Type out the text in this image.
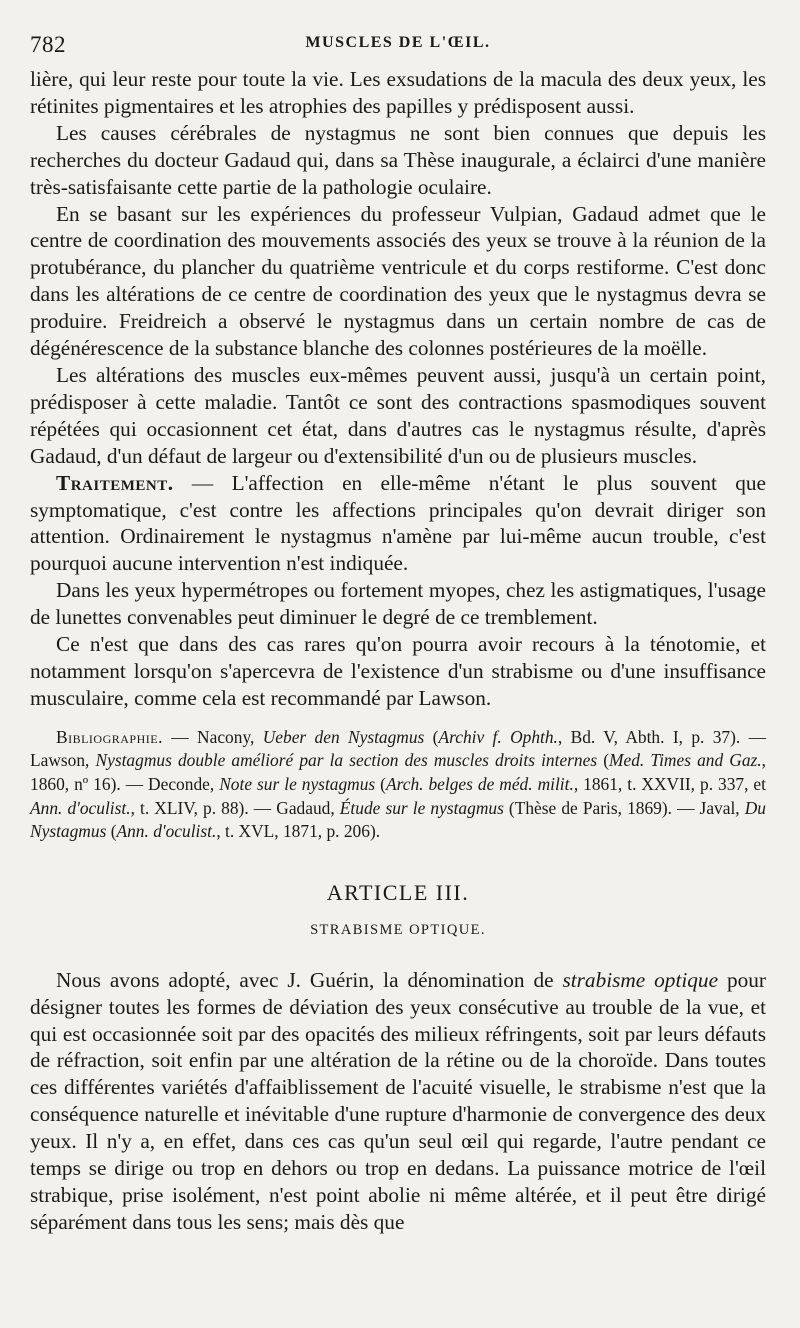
782	MUSCLES DE L'ŒIL.

lière, qui leur reste pour toute la vie. Les exsudations de la macula des deux yeux, les rétinites pigmentaires et les atrophies des papilles y prédisposent aussi.

Les causes cérébrales de nystagmus ne sont bien connues que depuis les recherches du docteur Gadaud qui, dans sa Thèse inaugurale, a éclairci d'une manière très-satisfaisante cette partie de la pathologie oculaire.

En se basant sur les expériences du professeur Vulpian, Gadaud admet que le centre de coordination des mouvements associés des yeux se trouve à la réunion de la protubérance, du plancher du quatrième ventricule et du corps restiforme. C'est donc dans les altérations de ce centre de coordination des yeux que le nystagmus devra se produire. Freidreich a observé le nystagmus dans un certain nombre de cas de dégénérescence de la substance blanche des colonnes postérieures de la moëlle.

Les altérations des muscles eux-mêmes peuvent aussi, jusqu'à un certain point, prédisposer à cette maladie. Tantôt ce sont des contractions spasmodiques souvent répétées qui occasionnent cet état, dans d'autres cas le nystagmus résulte, d'après Gadaud, d'un défaut de largeur ou d'extensibilité d'un ou de plusieurs muscles.

Traitement. — L'affection en elle-même n'étant le plus souvent que symptomatique, c'est contre les affections principales qu'on devrait diriger son attention. Ordinairement le nystagmus n'amène par lui-même aucun trouble, c'est pourquoi aucune intervention n'est indiquée.

Dans les yeux hypermétropes ou fortement myopes, chez les astigmatiques, l'usage de lunettes convenables peut diminuer le degré de ce tremblement.

Ce n'est que dans des cas rares qu'on pourra avoir recours à la ténotomie, et notamment lorsqu'on s'apercevra de l'existence d'un strabisme ou d'une insuffisance musculaire, comme cela est recommandé par Lawson.

Bibliographie. — Nacony, Ueber den Nystagmus (Archiv f. Ophth., Bd. V, Abth. I, p. 37). — Lawson, Nystagmus double amélioré par la section des muscles droits internes (Med. Times and Gaz., 1860, nº 16). — Deconde, Note sur le nystagmus (Arch. belges de méd. milit., 1861, t. XXVII, p. 337, et Ann. d'oculist., t. XLIV, p. 88). — Gadaud, Étude sur le nystagmus (Thèse de Paris, 1869). — Javal, Du Nystagmus (Ann. d'oculist., t. XVL, 1871, p. 206).

ARTICLE III.
STRABISME OPTIQUE.

Nous avons adopté, avec J. Guérin, la dénomination de strabisme optique pour désigner toutes les formes de déviation des yeux consécutive au trouble de la vue, et qui est occasionnée soit par des opacités des milieux réfringents, soit par leurs défauts de réfraction, soit enfin par une altération de la rétine ou de la choroïde. Dans toutes ces différentes variétés d'affaiblissement de l'acuité visuelle, le strabisme n'est que la conséquence naturelle et inévitable d'une rupture d'harmonie de convergence des deux yeux. Il n'y a, en effet, dans ces cas qu'un seul œil qui regarde, l'autre pendant ce temps se dirige ou trop en dehors ou trop en dedans. La puissance motrice de l'œil strabique, prise isolément, n'est point abolie ni même altérée, et il peut être dirigé séparément dans tous les sens; mais dès que
